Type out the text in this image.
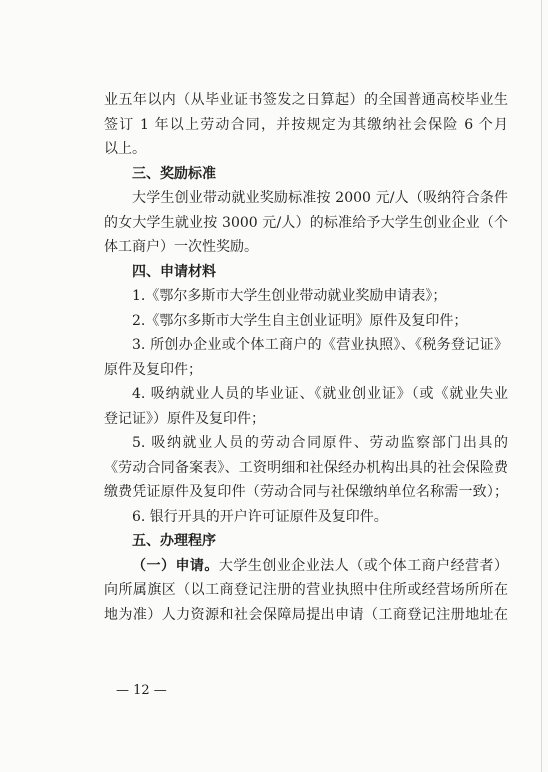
业五年以内（从毕业证书签发之日算起）的全国普通高校毕业生
签订 1 年以上劳动合同，并按规定为其缴纳社会保险 6 个月
以上。
三、奖励标准
大学生创业带动就业奖励标准按 2000 元/人（吸纳符合条件
的女大学生就业按 3000 元/人）的标准给予大学生创业企业（个
体工商户）一次性奖励。
四、申请材料
1.《鄂尔多斯市大学生创业带动就业奖励申请表》；
2.《鄂尔多斯市大学生自主创业证明》原件及复印件；
3. 所创办企业或个体工商户的《营业执照》、《税务登记证》
原件及复印件；
4. 吸纳就业人员的毕业证、《就业创业证》（或《就业失业
登记证》）原件及复印件；
5. 吸纳就业人员的劳动合同原件、劳动监察部门出具的
《劳动合同备案表》、工资明细和社保经办机构出具的社会保险费
缴费凭证原件及复印件（劳动合同与社保缴纳单位名称需一致）；
6. 银行开具的开户许可证原件及复印件。
五、办理程序
（一）申请。大学生创业企业法人（或个体工商户经营者）
向所属旗区（以工商登记注册的营业执照中住所或经营场所所在
地为准）人力资源和社会保障局提出申请（工商登记注册地址在
— 12 —
